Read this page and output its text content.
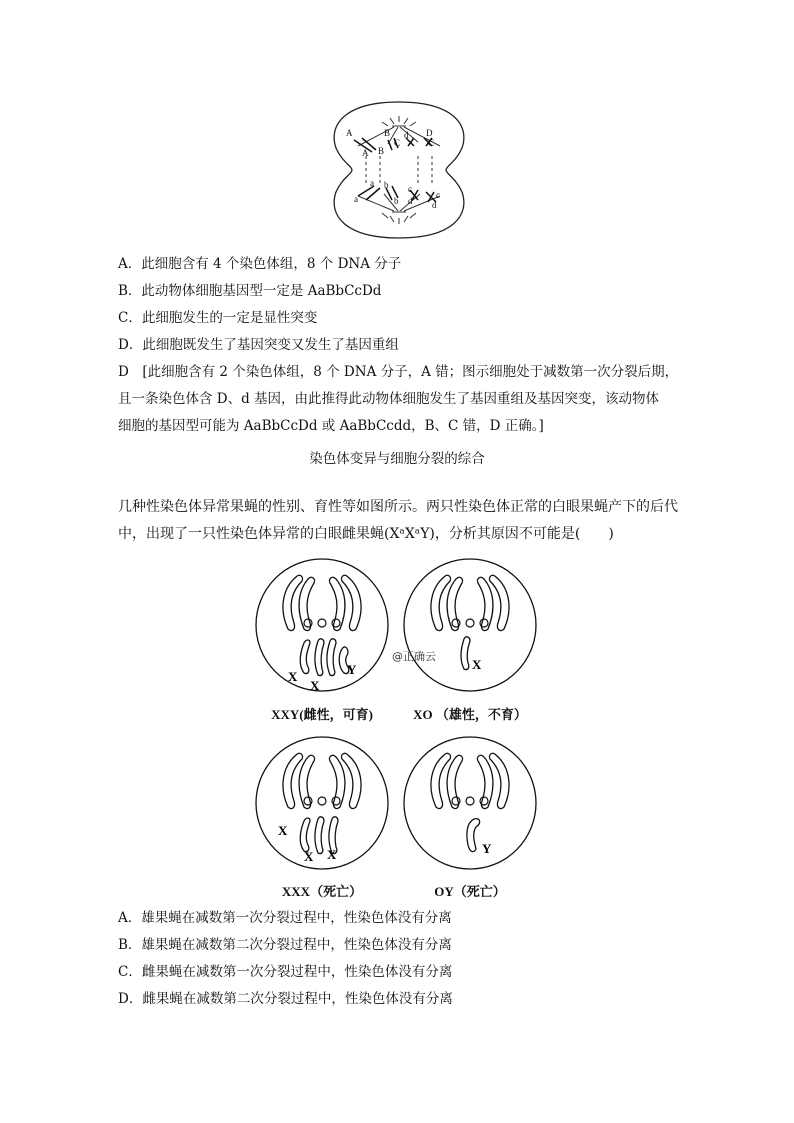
A
A
B
B
C
d D
C
a
a
b
b
c
d
c
d
A．此细胞含有 4 个染色体组，8 个 DNA 分子
B．此动物体细胞基因型一定是 AaBbCcDd
C．此细胞发生的一定是显性突变
D．此细胞既发生了基因突变又发生了基因重组
D　[此细胞含有 2 个染色体组，8 个 DNA 分子，A 错；图示细胞处于减数第一次分裂后期，
且一条染色体含 D、d 基因，由此推得此动物体细胞发生了基因重组及基因突变，该动物体
细胞的基因型可能为 AaBbCcDd 或 AaBbCcdd，B、C 错，D 正确。]
染色体变异与细胞分裂的综合
几种性染色体异常果蝇的性别、育性等如图所示。两只性染色体正常的白眼果蝇产下的后代
中，出现了一只性染色体异常的白眼雌果蝇(XᵃXᵃY)，分析其原因不可能是(　　)
X
X
Y
XXY(雌性，可育)
X
@正确云
XO （雄性，不育）
X
X X
XXX（死亡）
Y
OY（死亡）
A．雄果蝇在减数第一次分裂过程中，性染色体没有分离
B．雄果蝇在减数第二次分裂过程中，性染色体没有分离
C．雌果蝇在减数第一次分裂过程中，性染色体没有分离
D．雌果蝇在减数第二次分裂过程中，性染色体没有分离
